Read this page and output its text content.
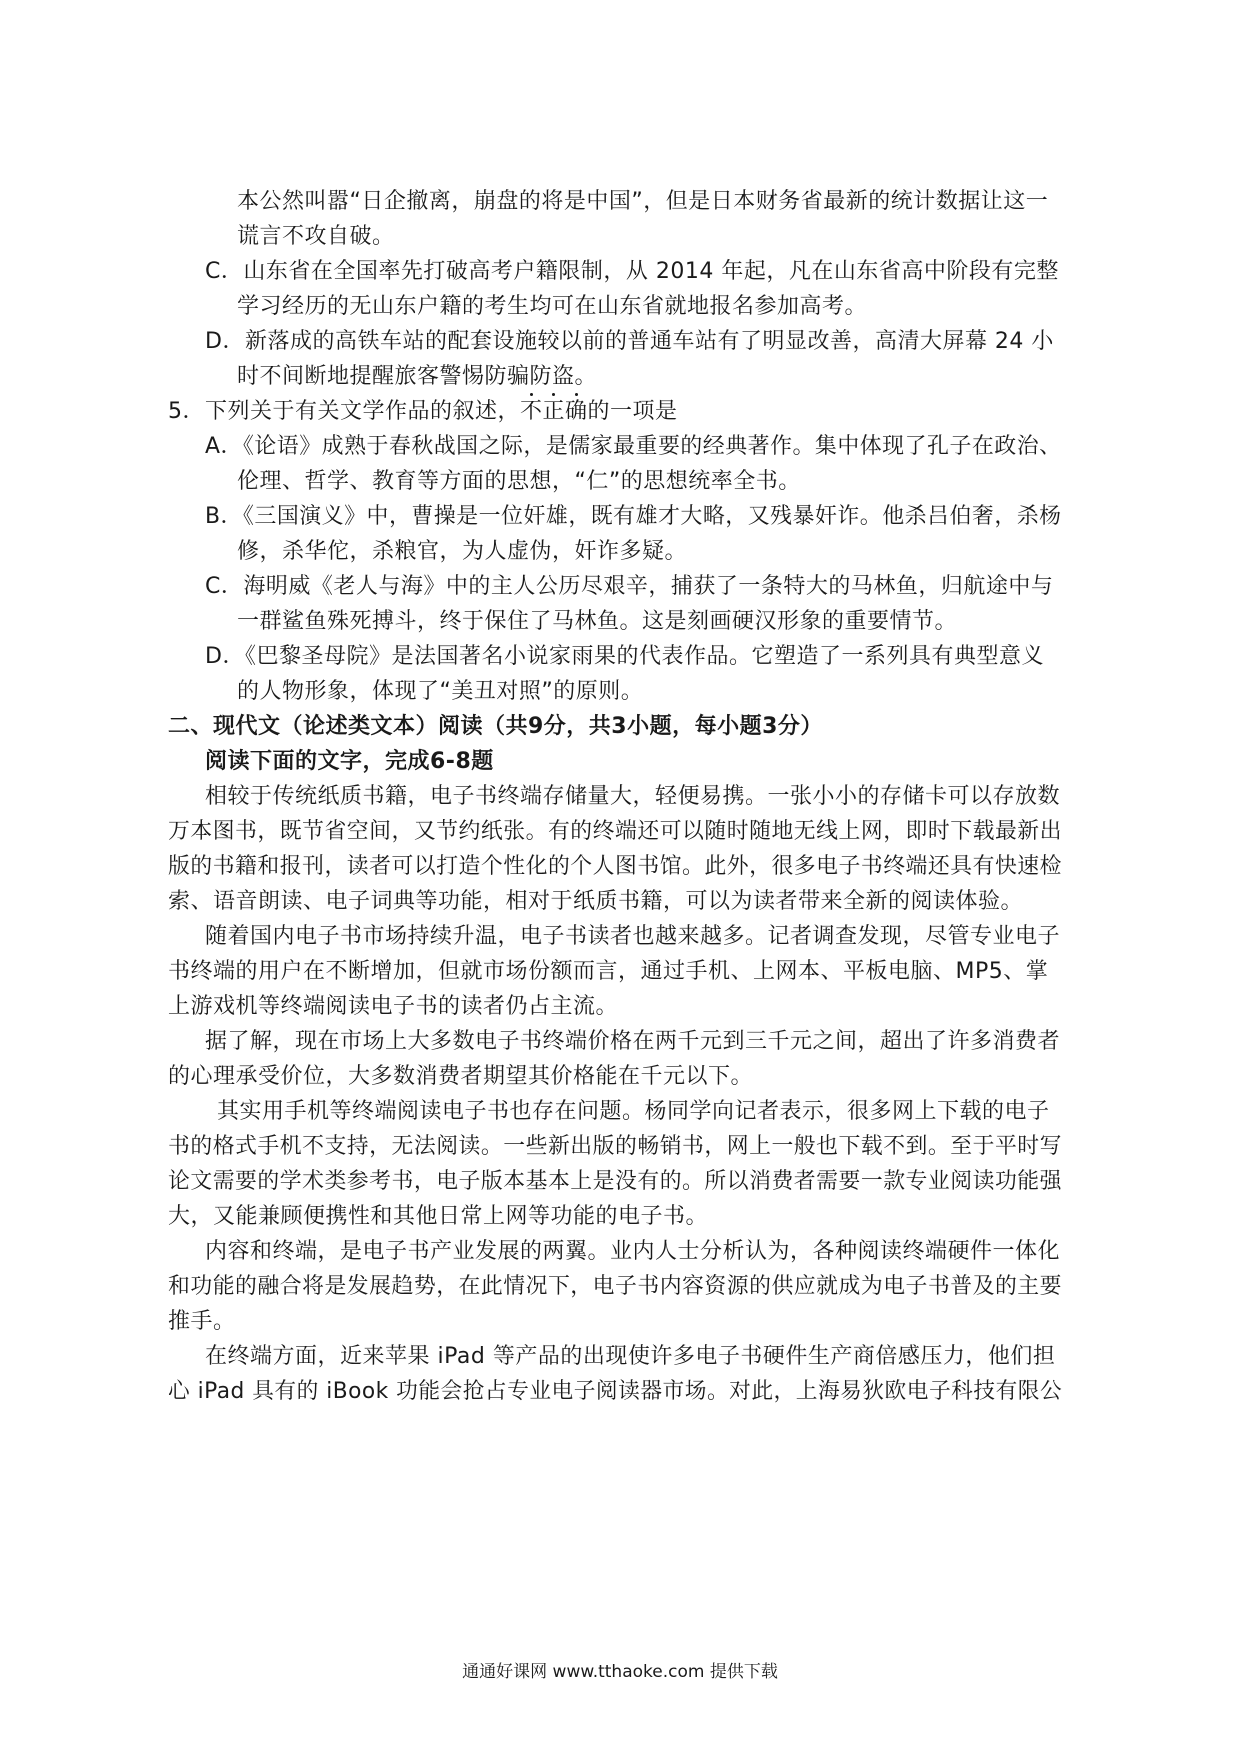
本公然叫嚣“日企撤离，崩盘的将是中国”，但是日本财务省最新的统计数据让这一
谎言不攻自破。
C．山东省在全国率先打破高考户籍限制，从 2014 年起，凡在山东省高中阶段有完整
学习经历的无山东户籍的考生均可在山东省就地报名参加高考。
D．新落成的高铁车站的配套设施较以前的普通车站有了明显改善，高清大屏幕 24 小
时不间断地提醒旅客警惕防骗防盗。
5．下列关于有关文学作品的叙述，不正确的一项是
A．《论语》成熟于春秋战国之际，是儒家最重要的经典著作。集中体现了孔子在政治、
伦理、哲学、教育等方面的思想，“仁”的思想统率全书。
B．《三国演义》中，曹操是一位奸雄，既有雄才大略，又残暴奸诈。他杀吕伯奢，杀杨
修，杀华佗，杀粮官，为人虚伪，奸诈多疑。
C．海明威《老人与海》中的主人公历尽艰辛，捕获了一条特大的马林鱼，归航途中与
一群鲨鱼殊死搏斗，终于保住了马林鱼。这是刻画硬汉形象的重要情节。
D．《巴黎圣母院》是法国著名小说家雨果的代表作品。它塑造了一系列具有典型意义
的人物形象，体现了“美丑对照”的原则。
二、现代文（论述类文本）阅读（共9分，共3小题，每小题3分）
阅读下面的文字，完成6-8题
相较于传统纸质书籍，电子书终端存储量大，轻便易携。一张小小的存储卡可以存放数
万本图书，既节省空间，又节约纸张。有的终端还可以随时随地无线上网，即时下载最新出
版的书籍和报刊，读者可以打造个性化的个人图书馆。此外，很多电子书终端还具有快速检
索、语音朗读、电子词典等功能，相对于纸质书籍，可以为读者带来全新的阅读体验。
随着国内电子书市场持续升温，电子书读者也越来越多。记者调查发现，尽管专业电子
书终端的用户在不断增加，但就市场份额而言，通过手机、上网本、平板电脑、MP5、掌
上游戏机等终端阅读电子书的读者仍占主流。
据了解，现在市场上大多数电子书终端价格在两千元到三千元之间，超出了许多消费者
的心理承受价位，大多数消费者期望其价格能在千元以下。
其实用手机等终端阅读电子书也存在问题。杨同学向记者表示，很多网上下载的电子
书的格式手机不支持，无法阅读。一些新出版的畅销书，网上一般也下载不到。至于平时写
论文需要的学术类参考书，电子版本基本上是没有的。所以消费者需要一款专业阅读功能强
大，又能兼顾便携性和其他日常上网等功能的电子书。
内容和终端，是电子书产业发展的两翼。业内人士分析认为，各种阅读终端硬件一体化
和功能的融合将是发展趋势，在此情况下，电子书内容资源的供应就成为电子书普及的主要
推手。
在终端方面，近来苹果 iPad 等产品的出现使许多电子书硬件生产商倍感压力，他们担
心 iPad 具有的 iBook 功能会抢占专业电子阅读器市场。对此，上海易狄欧电子科技有限公
通通好课网 www.tthaoke.com 提供下载
